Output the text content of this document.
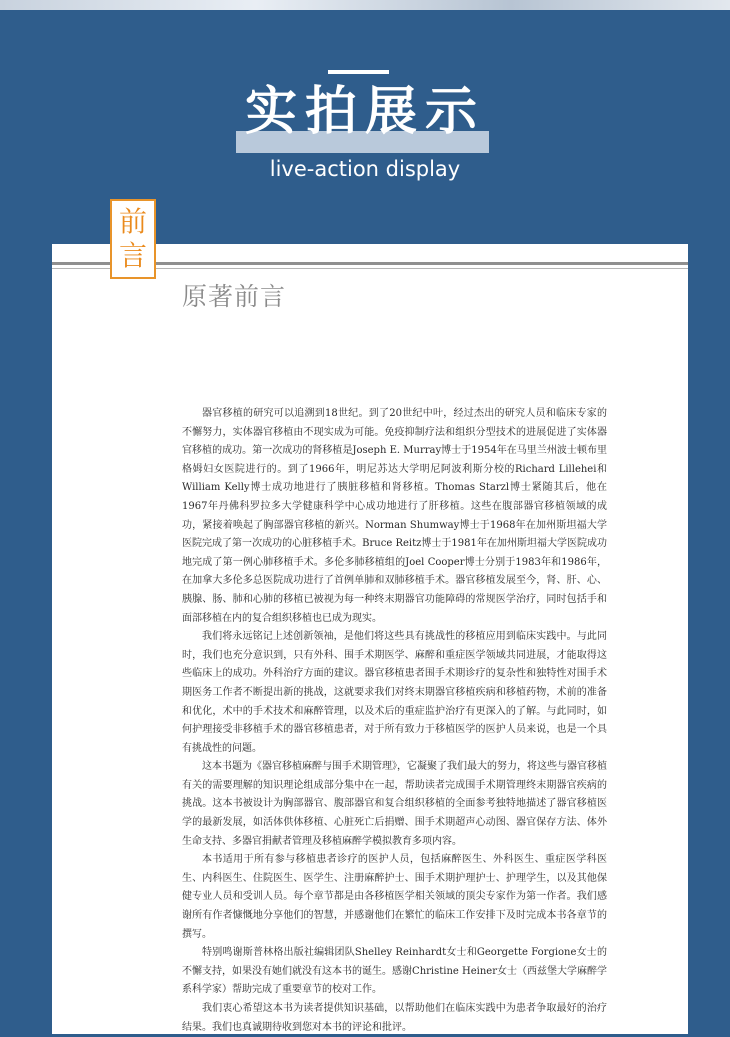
实拍展示
live-action display
前
言
原著前言

器官移植的研究可以追溯到18世纪。到了20世纪中叶，经过杰出的研究人员和临床专家的不懈努力，实体器官移植由不现实成为可能。免疫抑制疗法和组织分型技术的进展促进了实体器官移植的成功。第一次成功的肾移植是Joseph E. Murray博士于1954年在马里兰州波士顿布里格姆妇女医院进行的。到了1966年，明尼苏达大学明尼阿波利斯分校的Richard Lillehei和William Kelly博士成功地进行了胰脏移植和肾移植。Thomas Starzl博士紧随其后，他在1967年丹佛科罗拉多大学健康科学中心成功地进行了肝移植。这些在腹部器官移植领域的成功，紧接着唤起了胸部器官移植的新兴。Norman Shumway博士于1968年在加州斯坦福大学医院完成了第一次成功的心脏移植手术。Bruce Reitz博士于1981年在加州斯坦福大学医院成功地完成了第一例心肺移植手术。多伦多肺移植组的Joel Cooper博士分别于1983年和1986年，在加拿大多伦多总医院成功进行了首例单肺和双肺移植手术。器官移植发展至今，肾、肝、心、胰腺、肠、肺和心肺的移植已被视为每一种终末期器官功能障碍的常规医学治疗，同时包括手和面部移植在内的复合组织移植也已成为现实。

我们将永远铭记上述创新领袖，是他们将这些具有挑战性的移植应用到临床实践中。与此同时，我们也充分意识到，只有外科、围手术期医学、麻醉和重症医学领域共同进展，才能取得这些临床上的成功。外科治疗方面的建议。器官移植患者围手术期诊疗的复杂性和独特性对围手术期医务工作者不断提出新的挑战，这就要求我们对终末期器官移植疾病和移植药物，术前的准备和优化，术中的手术技术和麻醉管理，以及术后的重症监护治疗有更深入的了解。与此同时，如何护理接受非移植手术的器官移植患者，对于所有致力于移植医学的医护人员来说，也是一个具有挑战性的问题。

这本书题为《器官移植麻醉与围手术期管理》，它凝聚了我们最大的努力，将这些与器官移植有关的需要理解的知识理论组成部分集中在一起，帮助读者完成围手术期管理终末期器官疾病的挑战。这本书被设计为胸部器官、腹部器官和复合组织移植的全面参考独特地描述了器官移植医学的最新发展，如活体供体移植、心脏死亡后捐赠、围手术期超声心动图、器官保存方法、体外生命支持、多器官捐献者管理及移植麻醉学模拟教育多项内容。

本书适用于所有参与移植患者诊疗的医护人员，包括麻醉医生、外科医生、重症医学科医生、内科医生、住院医生、医学生、注册麻醉护士、围手术期护理护士、护理学生，以及其他保健专业人员和受训人员。每个章节都是由各移植医学相关领域的顶尖专家作为第一作者。我们感谢所有作者慷慨地分享他们的智慧，并感谢他们在繁忙的临床工作安排下及时完成本书各章节的撰写。

特别鸣谢斯普林格出版社编辑团队Shelley Reinhardt女士和Georgette Forgione女士的不懈支持，如果没有她们就没有这本书的诞生。感谢Christine Heiner女士（西兹堡大学麻醉学系科学家）帮助完成了重要章节的校对工作。

我们衷心希望这本书为读者提供知识基础，以帮助他们在临床实践中为患者争取最好的治疗结果。我们也真诚期待收到您对本书的评论和批评。
